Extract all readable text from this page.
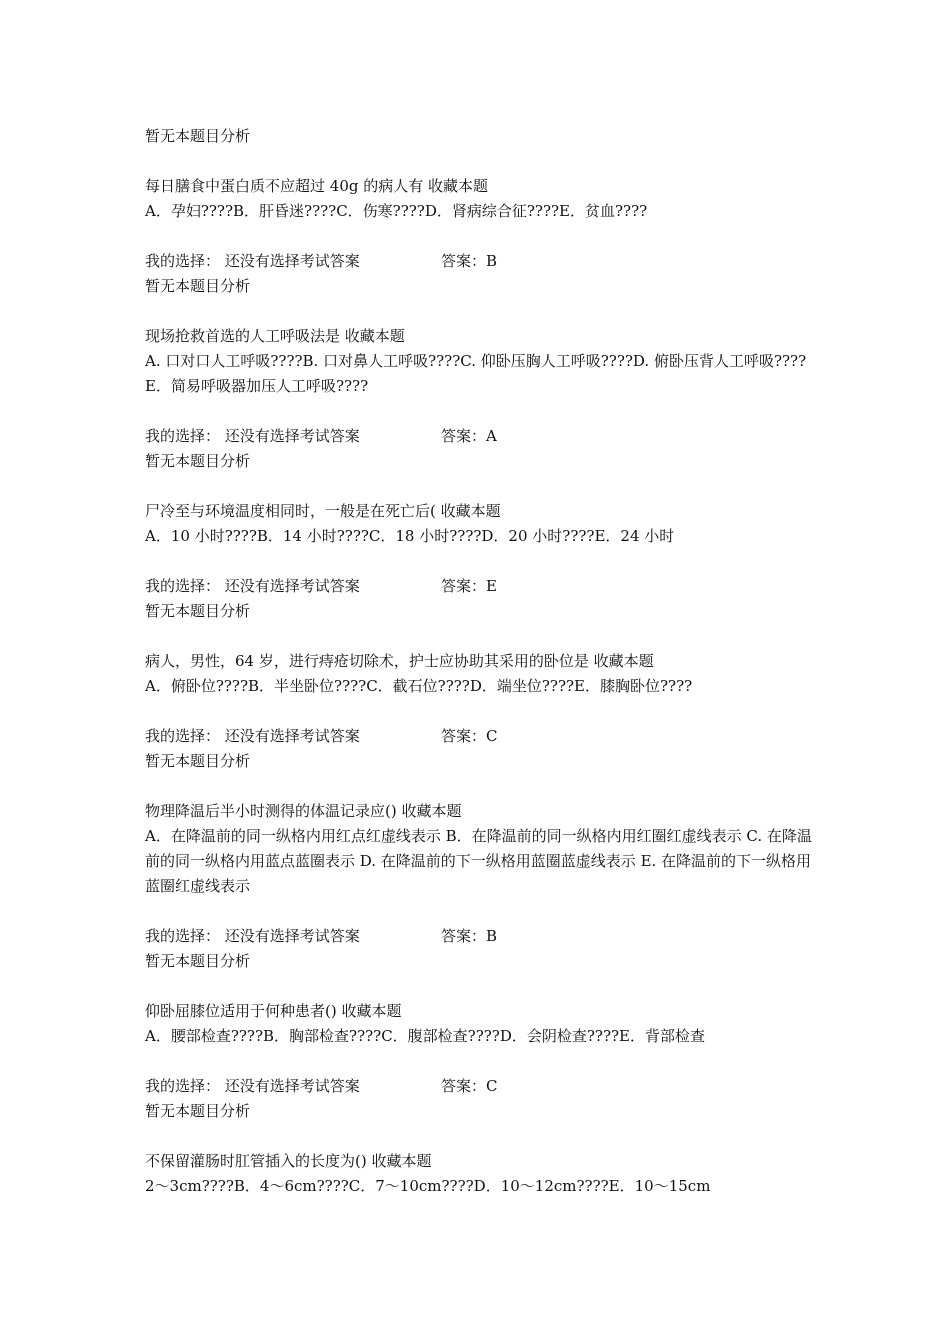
暂无本题目分析
每日膳食中蛋白质不应超过 40g 的病人有 收藏本题
A．孕妇????B．肝昏迷????C．伤寒????D．肾病综合征????E．贫血????
我的选择： 还没有选择考试答案	答案：B
暂无本题目分析
现场抢救首选的人工呼吸法是 收藏本题
A. 口对口人工呼吸????B. 口对鼻人工呼吸????C. 仰卧压胸人工呼吸????D. 俯卧压背人工呼吸????E．简易呼吸器加压人工呼吸????
我的选择： 还没有选择考试答案	答案：A
暂无本题目分析
尸冷至与环境温度相同时，一般是在死亡后( 收藏本题
A．10 小时????B．14 小时????C．18 小时????D．20 小时????E．24 小时
我的选择： 还没有选择考试答案	答案：E
暂无本题目分析
病人，男性，64 岁，进行痔疮切除术，护士应协助其采用的卧位是 收藏本题
A．俯卧位????B．半坐卧位????C．截石位????D．端坐位????E．膝胸卧位????
我的选择： 还没有选择考试答案	答案：C
暂无本题目分析
物理降温后半小时测得的体温记录应() 收藏本题
A．在降温前的同一纵格内用红点红虚线表示 B．在降温前的同一纵格内用红圈红虚线表示 C. 在降温前的同一纵格内用蓝点蓝圈表示 D. 在降温前的下一纵格用蓝圈蓝虚线表示 E. 在降温前的下一纵格用蓝圈红虚线表示
我的选择： 还没有选择考试答案	答案：B
暂无本题目分析
仰卧屈膝位适用于何种患者() 收藏本题
A．腰部检查????B．胸部检查????C．腹部检查????D．会阴检查????E．背部检查
我的选择： 还没有选择考试答案	答案：C
暂无本题目分析
不保留灌肠时肛管插入的长度为() 收藏本题
2～3cm????B．4～6cm????C．7～10cm????D．10～12cm????E．10～15cm
